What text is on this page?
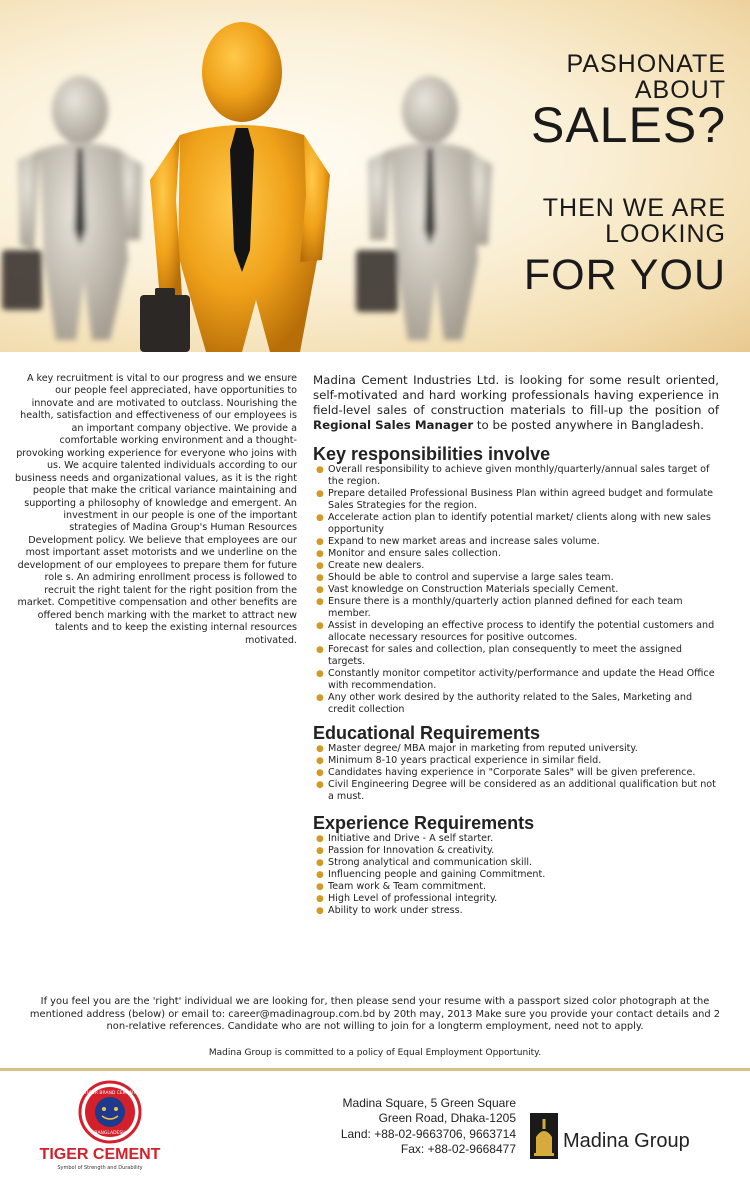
PASHONATE
ABOUT
SALES?
THEN WE ARE
LOOKING
FOR YOU
A key recruitment is vital to our progress and we ensure our people feel appreciated, have opportunities to innovate and are motivated to outclass. Nourishing the health, satisfaction and effectiveness of our employees is an important company objective. We provide a comfortable working environment and a thought-provoking working experience for everyone who joins with us. We acquire talented individuals according to our business needs and organizational values, as it is the right people that make the critical variance maintaining and supporting a philosophy of knowledge and emergent. An investment in our people is one of the important strategies of Madina Group's Human Resources Development policy. We believe that employees are our most important asset motorists and we underline on the development of our employees to prepare them for future role s. An admiring enrollment process is followed to recruit the right talent for the right position from the market. Competitive compensation and other benefits are offered bench marking with the market to attract new talents and to keep the existing internal resources motivated.
Madina Cement Industries Ltd. is looking for some result oriented, self-motivated and hard working professionals having experience in field-level sales of construction materials to fill-up the position of Regional Sales Manager to be posted anywhere in Bangladesh.
Key responsibilities involve
● Overall responsibility to achieve given monthly/quarterly/annual sales target of the region.
● Prepare detailed Professional Business Plan within agreed budget and formulate Sales Strategies for the region.
● Accelerate action plan to identify potential market/ clients along with new sales opportunity
● Expand to new market areas and increase sales volume.
● Monitor and ensure sales collection.
● Create new dealers.
● Should be able to control and supervise a large sales team.
● Vast knowledge on Construction Materials specially Cement.
● Ensure there is a monthly/quarterly action planned defined for each team member.
● Assist in developing an effective process to identify the potential customers and allocate necessary resources for positive outcomes.
● Forecast for sales and collection, plan consequently to meet the assigned targets.
● Constantly monitor competitor activity/performance and update the Head Office with recommendation.
● Any other work desired by the authority related to the Sales, Marketing and credit collection
Educational Requirements
● Master degree/ MBA major in marketing from reputed university.
● Minimum 8-10 years practical experience in similar field.
● Candidates having experience in "Corporate Sales" will be given preference.
● Civil Engineering Degree will be considered as an additional qualification but not a must.
Experience Requirements
● Initiative and Drive - A self starter.
● Passion for Innovation & creativity.
● Strong analytical and communication skill.
● Influencing people and gaining Commitment.
● Team work & Team commitment.
● High Level of professional integrity.
● Ability to work under stress.
If you feel you are the 'right' individual we are looking for, then please send your resume with a passport sized color photograph at the mentioned address (below) or email to: career@madinagroup.com.bd by 20th may, 2013 Make sure you provide your contact details and 2 non-relative references. Candidate who are not willing to join for a longterm employment, need not to apply.
Madina Group is committed to a policy of Equal Employment Opportunity.
TIGER BRAND CEMENT
BANGLADESH
TIGER CEMENT
Symbol of Strength and Durability
Madina Square, 5 Green Square
Green Road, Dhaka-1205
Land: +88-02-9663706, 9663714
Fax: +88-02-9668477 Madina Group
